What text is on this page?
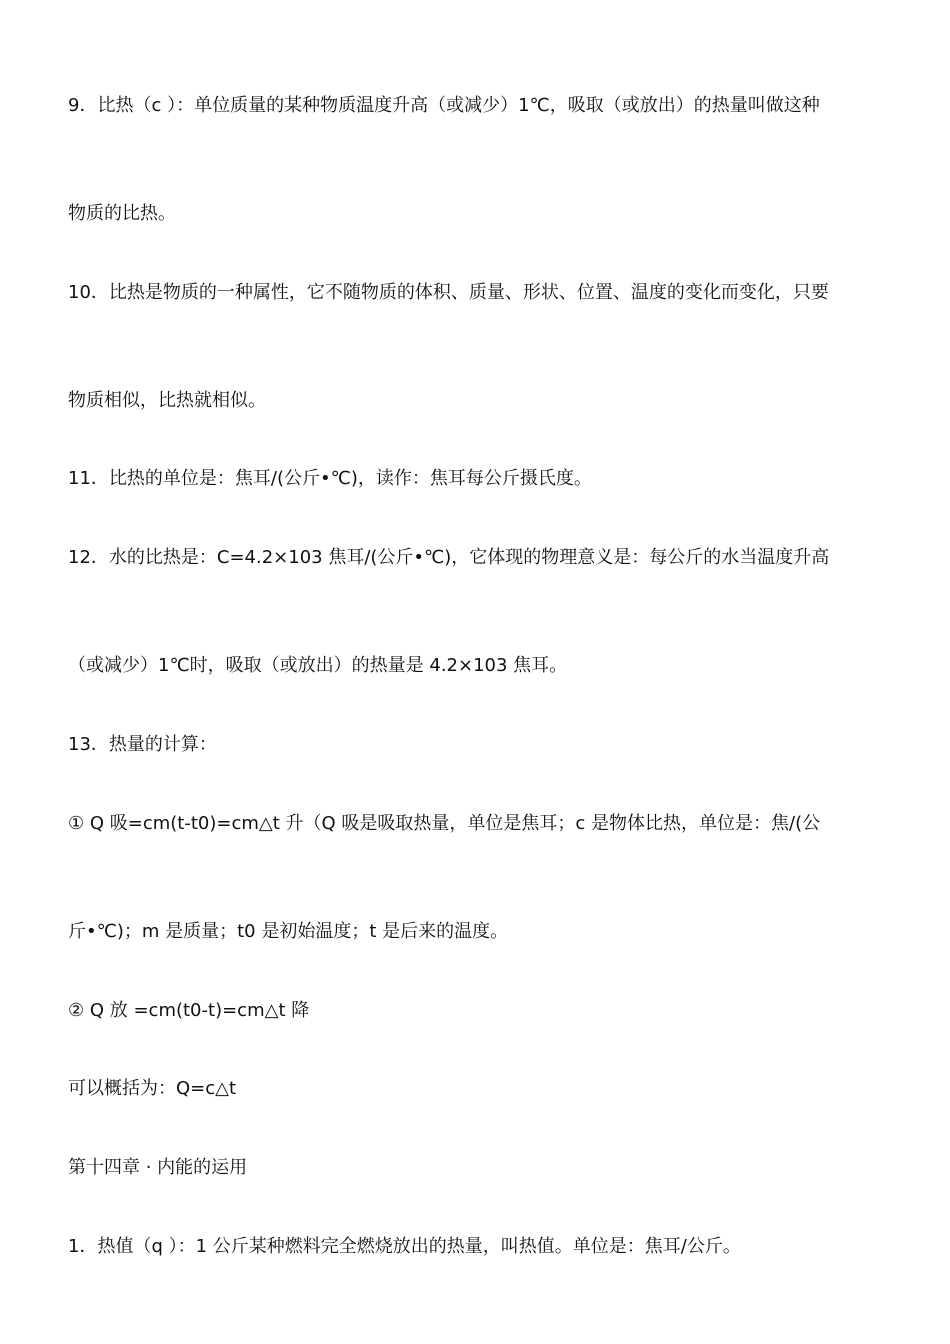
9．比热（c ）：单位质量的某种物质温度升高（或减少）1℃，吸取（或放出）的热量叫做这种
物质的比热。
10．比热是物质的一种属性，它不随物质的体积、质量、形状、位置、温度的变化而变化，只要
物质相似，比热就相似。
11．比热的单位是：焦耳/(公斤•℃)，读作：焦耳每公斤摄氏度。
12．水的比热是：C=4.2×103 焦耳/(公斤•℃)，它体现的物理意义是：每公斤的水当温度升高
（或减少）1℃时，吸取（或放出）的热量是 4.2×103 焦耳。
13．热量的计算：
① Q 吸=cm(t-t0)=cm△t 升（Q 吸是吸取热量，单位是焦耳；c 是物体比热，单位是：焦/(公
斤•℃)；m 是质量；t0 是初始温度；t 是后来的温度。
② Q 放 =cm(t0-t)=cm△t 降
可以概括为：Q=c△t
第十四章 · 内能的运用
1．热值（q ）：1 公斤某种燃料完全燃烧放出的热量，叫热值。单位是：焦耳/公斤。
